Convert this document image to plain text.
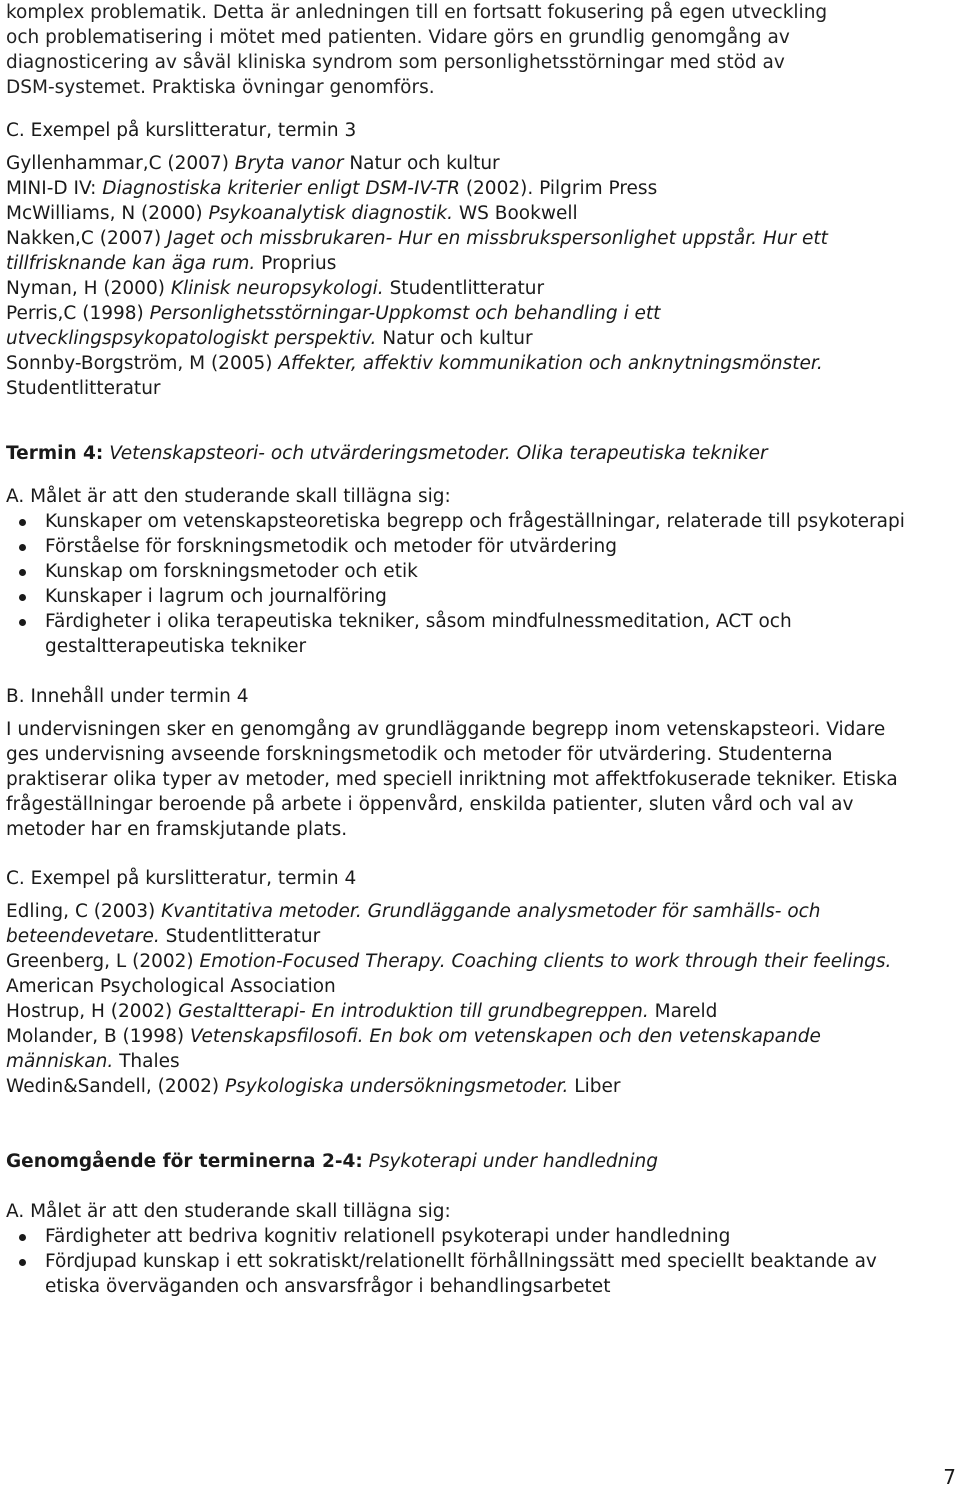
komplex problematik. Detta är anledningen till en fortsatt fokusering på egen utveckling
och problematisering i mötet med patienten. Vidare görs en grundlig genomgång av
diagnosticering av såväl kliniska syndrom som personlighetsstörningar med stöd av
DSM-systemet. Praktiska övningar genomförs.
C. Exempel på kurslitteratur, termin 3

Gyllenhammar,C (2007) Bryta vanor Natur och kultur

MINI-D IV: Diagnostiska kriterier enligt DSM-IV-TR (2002). Pilgrim Press

McWilliams, N (2000) Psykoanalytisk diagnostik. WS Bookwell

Nakken,C (2007) Jaget och missbrukaren- Hur en missbrukspersonlighet uppstår. Hur ett tillfrisknande kan äga rum. Proprius

Nyman, H (2000) Klinisk neuropsykologi. Studentlitteratur

Perris,C (1998) Personlighetsstörningar-Uppkomst och behandling i ett utvecklingspsykopatologiskt perspektiv. Natur och kultur

Sonnby-Borgström, M (2005) Affekter, affektiv kommunikation och anknytningsmönster. Studentlitteratur

Termin 4: Vetenskapsteori- och utvärderingsmetoder. Olika terapeutiska tekniker

A. Målet är att den studerande skall tillägna sig:

Kunskaper om vetenskapsteoretiska begrepp och frågeställningar, relaterade till psykoterapi
Förståelse för forskningsmetodik och metoder för utvärdering
Kunskap om forskningsmetoder och etik
Kunskaper i lagrum och journalföring
Färdigheter i olika terapeutiska tekniker, såsom mindfulnessmeditation, ACT och gestaltterapeutiska tekniker

B. Innehåll under termin 4

I undervisningen sker en genomgång av grundläggande begrepp inom vetenskapsteori. Vidare ges undervisning avseende forskningsmetodik och metoder för utvärdering. Studenterna praktiserar olika typer av metoder, med speciell inriktning mot affektfokuserade tekniker. Etiska frågeställningar beroende på arbete i öppenvård, enskilda patienter, sluten vård och val av metoder har en framskjutande plats.

C. Exempel på kurslitteratur, termin 4

Edling, C (2003) Kvantitativa metoder. Grundläggande analysmetoder för samhälls- och beteendevetare. Studentlitteratur

Greenberg, L (2002) Emotion-Focused Therapy. Coaching clients to work through their feelings. American Psychological Association

Hostrup, H (2002) Gestaltterapi- En introduktion till grundbegreppen. Mareld

Molander, B (1998) Vetenskapsfilosofi. En bok om vetenskapen och den vetenskapande människan. Thales

Wedin&Sandell, (2002) Psykologiska undersökningsmetoder. Liber

Genomgående för terminerna 2-4: Psykoterapi under handledning

A. Målet är att den studerande skall tillägna sig:

Färdigheter att bedriva kognitiv relationell psykoterapi under handledning
Fördjupad kunskap i ett sokratiskt/relationellt förhållningssätt med speciellt beaktande av etiska överväganden och ansvarsfrågor i behandlingsarbetet
7
